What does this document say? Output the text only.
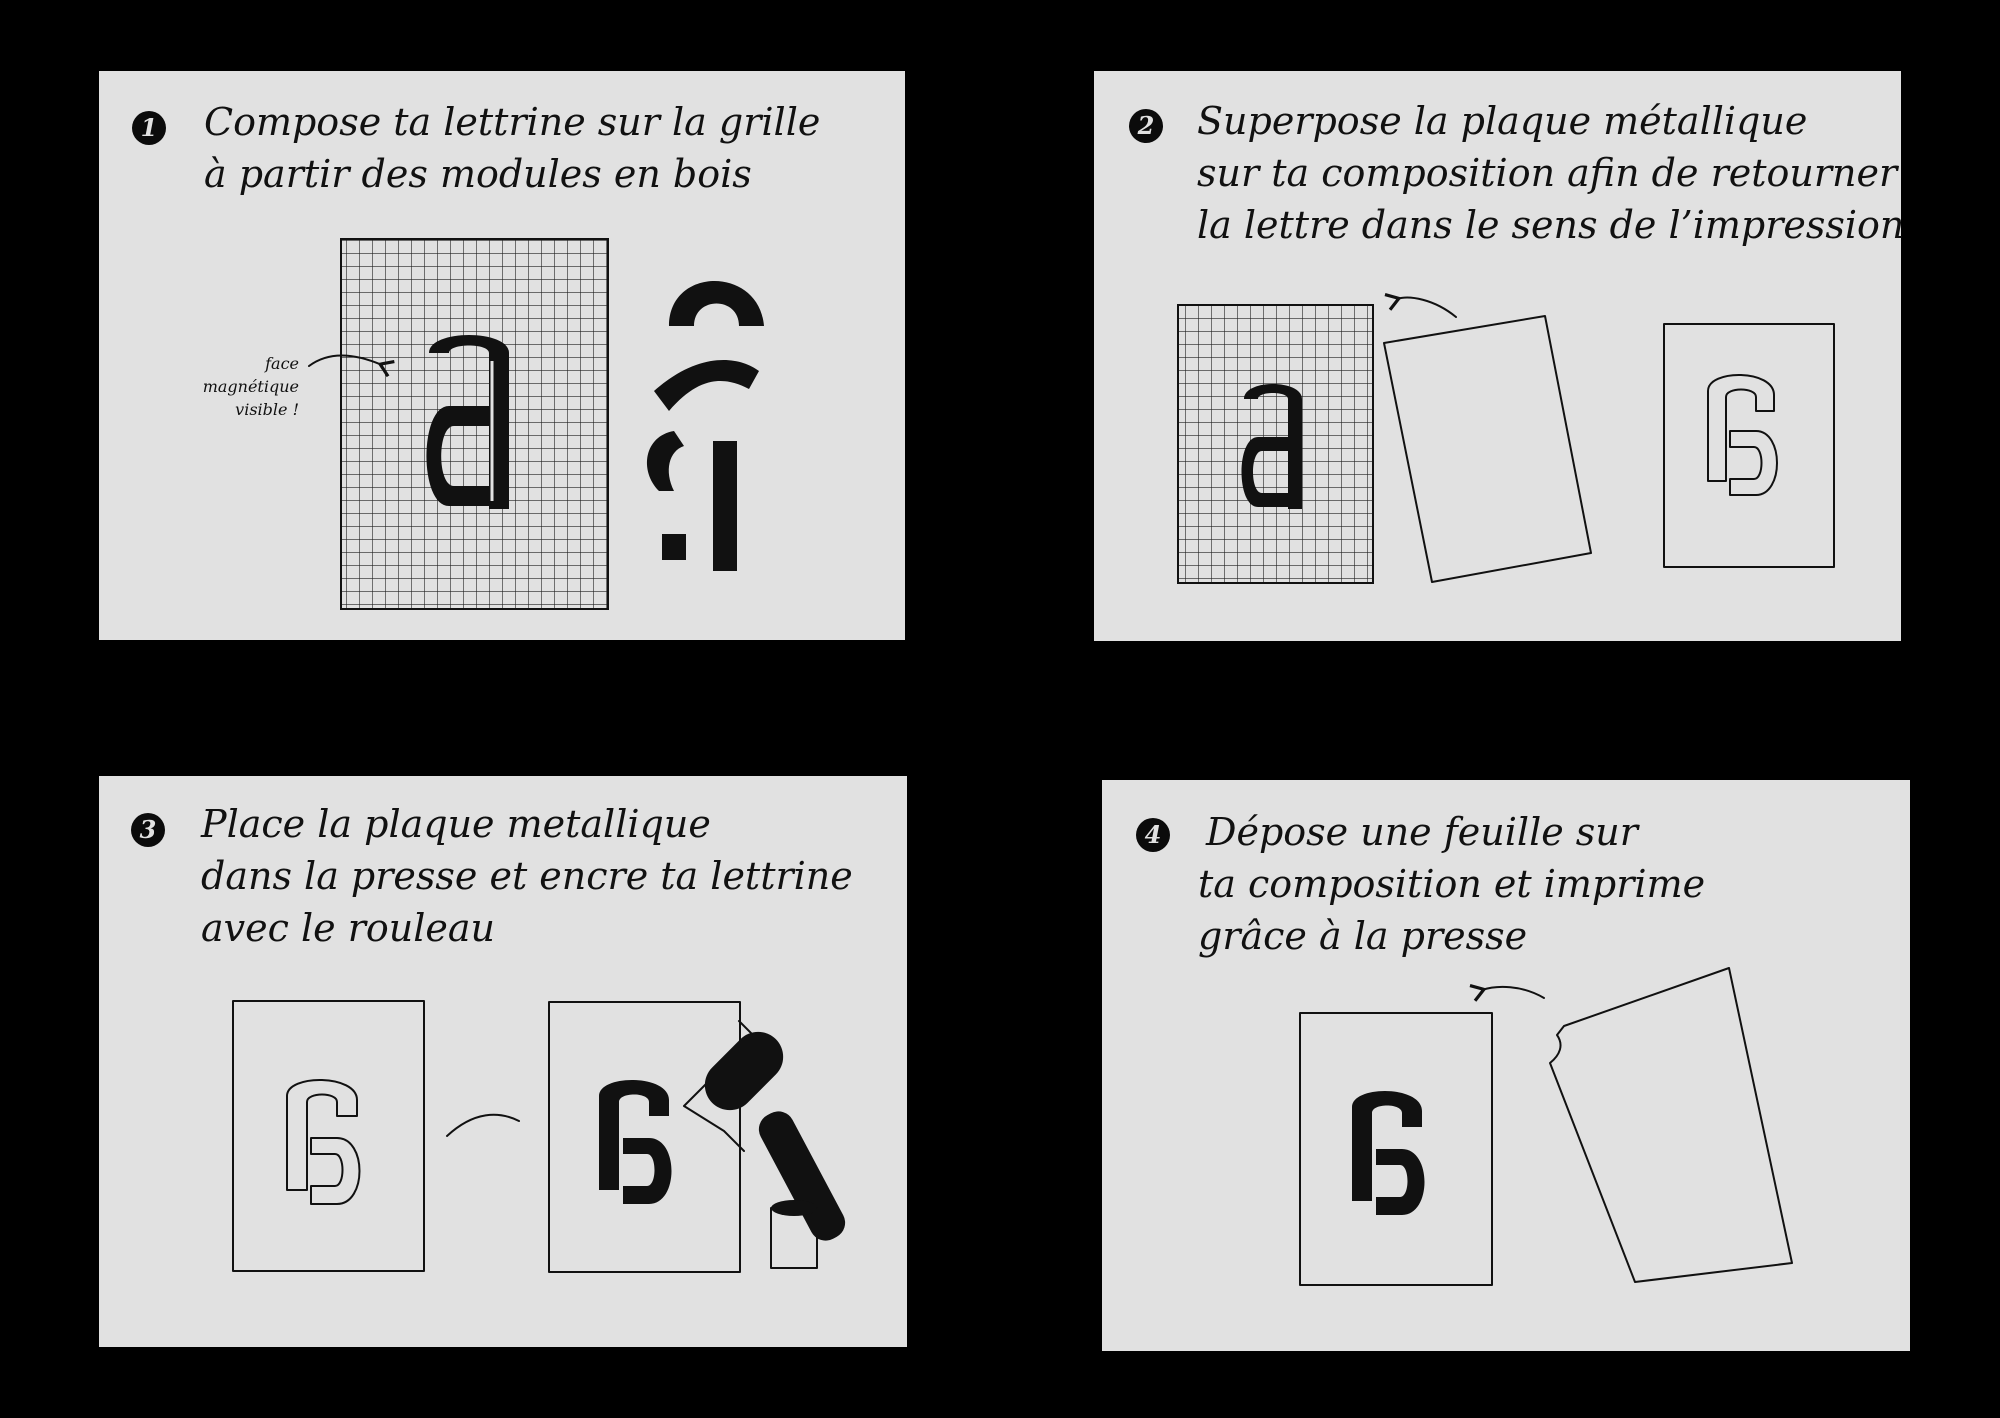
1 Compose ta lettrine sur la grille
à partir des modules en bois
face
magnétique
visible !
2 Superpose la plaque métallique
sur ta composition afin de retourner
la lettre dans le sens de l’impression
3 Place la plaque metallique
dans la presse et encre ta lettrine
avec le rouleau
4 Dépose une feuille sur
ta composition et imprime
grâce à la presse
